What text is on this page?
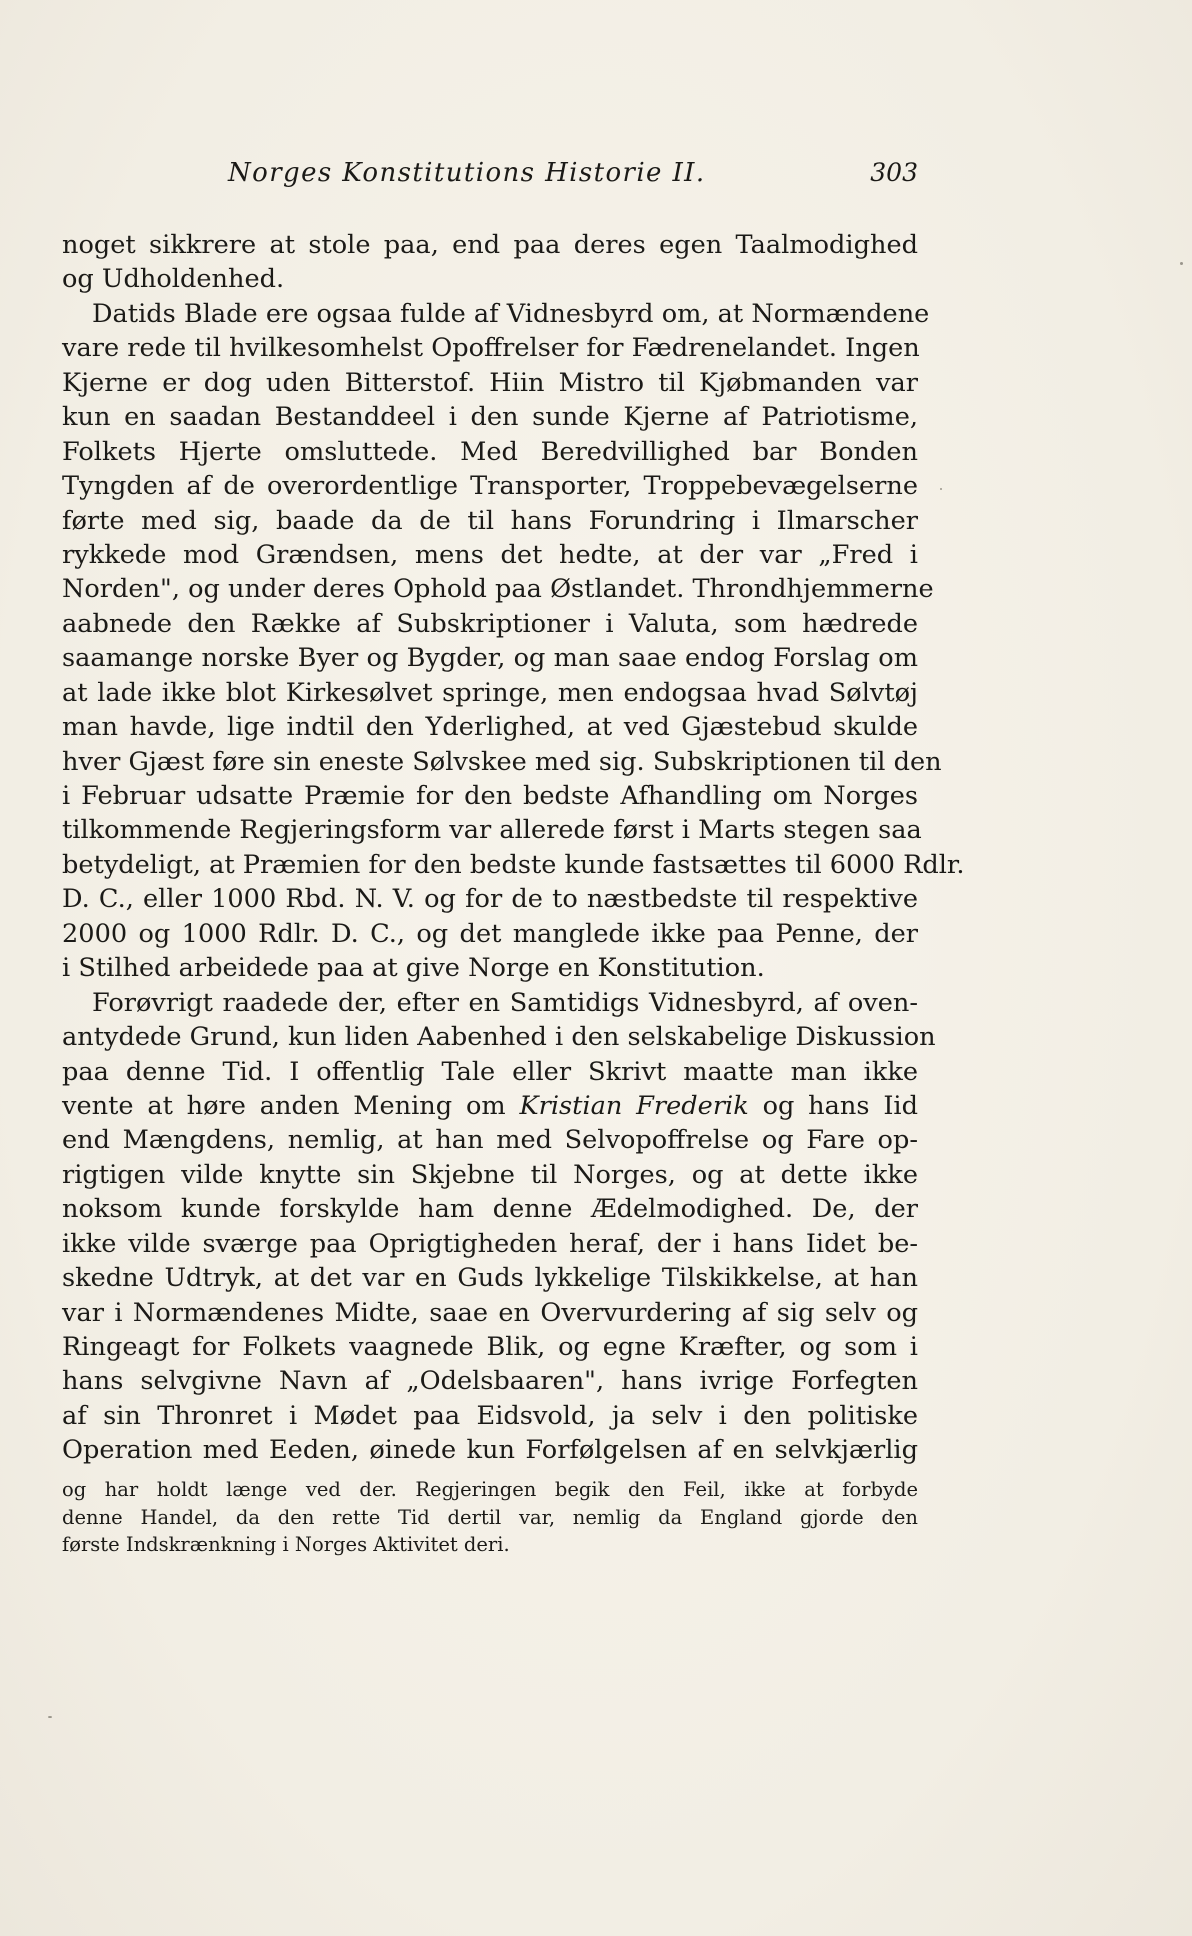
Norges Konstitutions Historie II.	303
noget sikkrere at stole paa, end paa deres egen Taalmodighed
og Udholdenhed.
Datids Blade ere ogsaa fulde af Vidnesbyrd om, at Normændene
vare rede til hvilkesomhelst Opoffrelser for Fædrenelandet. Ingen
Kjerne er dog uden Bitterstof. Hiin Mistro til Kjøbmanden var
kun en saadan Bestanddeel i den sunde Kjerne af Patriotisme,
Folkets Hjerte omsluttede. Med Beredvillighed bar Bonden
Tyngden af de overordentlige Transporter, Troppebevægelserne
førte med sig, baade da de til hans Forundring i Ilmarscher
rykkede mod Grændsen, mens det hedte, at der var „Fred i
Norden", og under deres Ophold paa Østlandet. Throndhjemmerne
aabnede den Række af Subskriptioner i Valuta, som hædrede
saamange norske Byer og Bygder, og man saae endog Forslag om
at lade ikke blot Kirkesølvet springe, men endogsaa hvad Sølvtøj
man havde, lige indtil den Yderlighed, at ved Gjæstebud skulde
hver Gjæst føre sin eneste Sølvskee med sig. Subskriptionen til den
i Februar udsatte Præmie for den bedste Afhandling om Norges
tilkommende Regjeringsform var allerede først i Marts stegen saa
betydeligt, at Præmien for den bedste kunde fastsættes til 6000 Rdlr.
D. C., eller 1000 Rbd. N. V. og for de to næstbedste til respektive
2000 og 1000 Rdlr. D. C., og det manglede ikke paa Penne, der
i Stilhed arbeidede paa at give Norge en Konstitution.
Forøvrigt raadede der, efter en Samtidigs Vidnesbyrd, af oven-
antydede Grund, kun liden Aabenhed i den selskabelige Diskussion
paa denne Tid. I offentlig Tale eller Skrivt maatte man ikke
vente at høre anden Mening om Kristian Frederik og hans Iid
end Mængdens, nemlig, at han med Selvopoffrelse og Fare op-
rigtigen vilde knytte sin Skjebne til Norges, og at dette ikke
noksom kunde forskylde ham denne Ædelmodighed. De, der
ikke vilde sværge paa Oprigtigheden heraf, der i hans Iidet be-
skedne Udtryk, at det var en Guds lykkelige Tilskikkelse, at han
var i Normændenes Midte, saae en Overvurdering af sig selv og
Ringeagt for Folkets vaagnede Blik, og egne Kræfter, og som i
hans selvgivne Navn af „Odelsbaaren", hans ivrige Forfegten
af sin Thronret i Mødet paa Eidsvold, ja selv i den politiske
Operation med Eeden, øinede kun Forfølgelsen af en selvkjærlig
og har holdt længe ved der. Regjeringen begik den Feil, ikke at forbyde
denne Handel, da den rette Tid dertil var, nemlig da England gjorde den
første Indskrænkning i Norges Aktivitet deri.
